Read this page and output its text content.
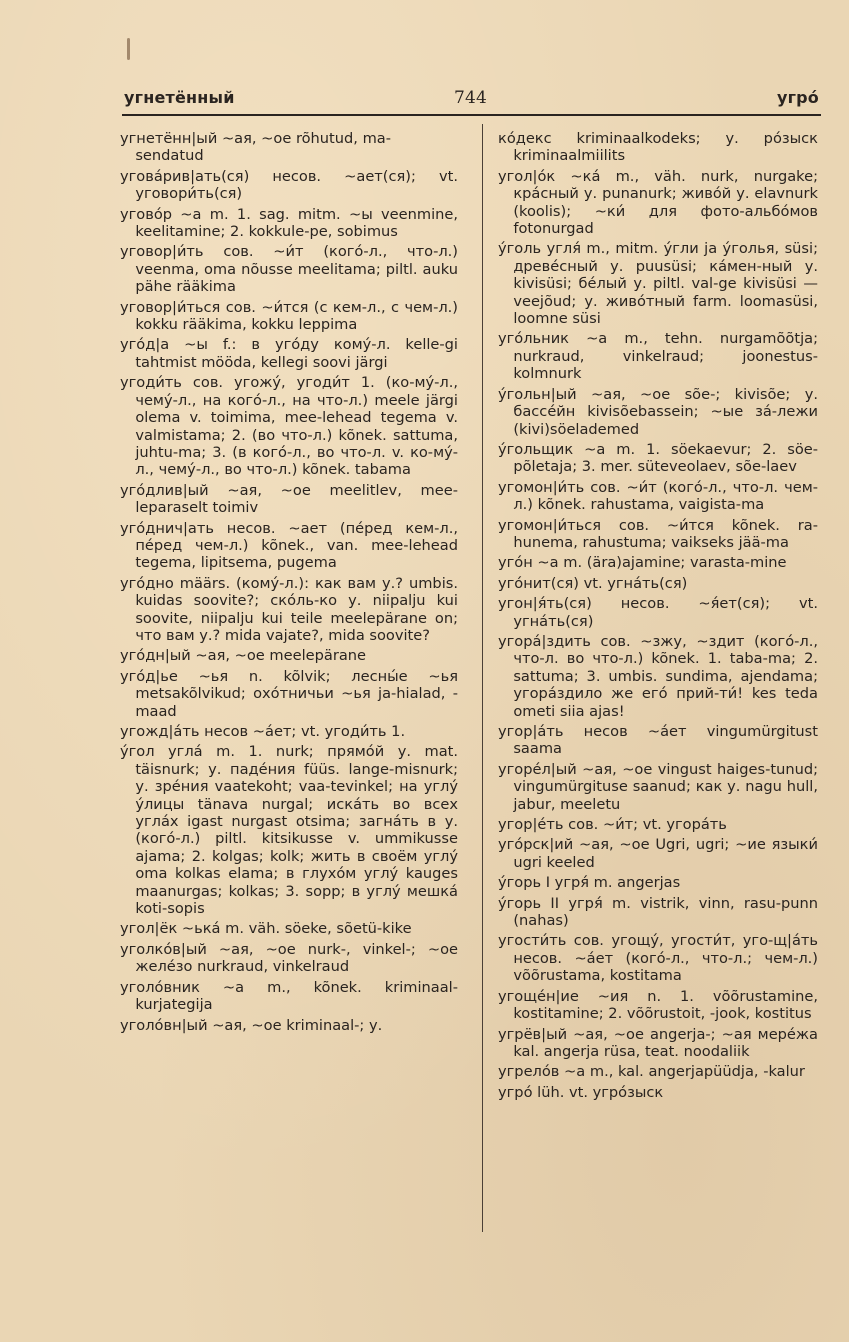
угнетённый	744	угро́

угнетённ|ый ~ая, ~ое rõhutud, ma-
sendatud

угова́рив|ать(ся) несов. ~ает(ся); vt. уговори́ть(ся)

угово́р ~а m. 1. sag. mitm. ~ы veenmine, keelitamine; 2. kokkule-pe, sobimus

уговор|и́ть сов. ~и́т (кого́-л., что-л.) veenma, oma nõusse meelitama; piltl. auku pähe rääkima

уговор|и́ться сов. ~и́тся (с кем-л., с чем-л.) kokku rääkima, kokku leppima

угóд|а ~ы f.: в уго́ду кому́-л. kelle-gi tahtmist mööda, kellegi soovi järgi

угоди́ть сов. угожу́, угоди́т 1. (ко-му́-л., чему́-л., на кого́-л., на что-л.) meele järgi olema v. toimima, mee-lehead tegema v. valmistama; 2. (во что-л.) kõnek. sattuma, juhtu-ma; 3. (в кого́-л., во что-л. v. ко-му́-л., чему́-л., во что-л.) kõnek. tabama

уго́длив|ый ~ая, ~ое meelitlev, mee-leparaselt toimiv

уго́днич|ать несов. ~ает (пе́ред кем-л., пе́ред чем-л.) kõnek., van. mee-lehead tegema, lipitsema, pugema

уго́дно määrs. (кому́-л.): как вам у.? umbis. kuidas soovite?; ско́ль-ко у. niipalju kui soovite, niipalju kui teile meelepärane on; что вам у.? mida vajate?, mida soovite?

уго́дн|ый ~ая, ~ое meelepärane

уго́д|ье ~ья n. kõlvik; лесны́е ~ья metsakõlvikud; охо́тничьи ~ья ja-hialad, -maad

угожд|а́ть несов ~а́ет; vt. угоди́ть 1.

у́гол угла́ m. 1. nurk; прямо́й у. mat. täisnurk; у. паде́ния füüs. lange-misnurk; у. зре́ния vaatekoht; vaa-tevinkel; на углу́ у́лицы tänava nurgal; иска́ть во всех угла́х igast nurgast otsima; загна́ть в у. (кого́-л.) piltl. kitsikusse v. ummikusse ajama; 2. kolgas; kolk; жить в своём углу́ oma kolkas elama; в глухо́м углу́ kauges maanurgas; kolkas; 3. sopp; в углу́ мешка́ koti-sopis

угол|ёк ~ька́ m. väh. söeke, sõetü-kike

уголко́в|ый ~ая, ~ое nurk-, vinkel-; ~ое желе́зо nurkraud, vinkelraud

уголо́вник ~а m., kõnek. kriminaal-kurjategija

уголо́вн|ый ~ая, ~ое kriminaal-; у.

ко́декс kriminaalkodeks; у. ро́зыск kriminaalmiilits

угол|о́к ~ка́ m., väh. nurk, nurgake; кра́сный у. punanurk; живо́й у. elavnurk (koolis); ~ки́ для фото-альбо́мов fotonurgad

у́голь угля́ m., mitm. у́гли ja у́голья, süsi; древе́сный у. puusüsi; ка́мен-ный у. kivisüsi; бе́лый у. piltl. val-ge kivisüsi — veejõud; у. живо́тный farm. loomasüsi, loomne süsi

уго́льник ~а m., tehn. nurgamõõtja; nurkraud, vinkelraud; joonestus-kolmnurk

у́гольн|ый ~ая, ~ое sõe-; kivisõe; у. бассе́йн kivisõebassein; ~ые за́-лежи (kivi)söelademed

у́гольщик ~а m. 1. söekaevur; 2. söe-põletaja; 3. mer. süteveolaev, sõe-laev

угомон|и́ть сов. ~и́т (кого́-л., что-л. чем-л.) kõnek. rahustama, vaigista-ma

угомон|и́ться сов. ~и́тся kõnek. ra-hunema, rahustuma; vaikseks jää-ma

уго́н ~а m. (ära)ajamine; varasta-mine

уго́нит(ся) vt. угна́ть(ся)

угон|я́ть(ся) несов. ~я́ет(ся); vt. угна́ть(ся)

угора́|здить сов. ~зжу, ~здит (кого́-л., что-л. во что-л.) kõnek. 1. taba-ma; 2. sattuma; 3. umbis. sundima, ajendama; угора́здило же его́ прий-ти́! kes teda ometi siia ajas!

угор|а́ть несов ~а́ет vingumürgitust saama

угоре́л|ый ~ая, ~ое vingust haiges-tunud; vingumürgituse saanud; как у. nagu hull, jabur, meeletu

угор|е́ть сов. ~и́т; vt. угора́ть

уго́рск|ий ~ая, ~ое Ugri, ugri; ~ие языки́ ugri keeled

у́горь I угря́ m. angerjas

у́горь II угря́ m. vistrik, vinn, rasu-punn (nahas)

угости́ть сов. угощу́, угости́т, уго-щ|а́ть несов. ~а́ет (кого́-л., что-л.; чем-л.) võõrustama, kostitama

угоще́н|ие ~ия n. 1. võõrustamine, kostitamine; 2. võõrustoit, -jook, kostitus

угрёв|ый ~ая, ~ое angerja-; ~ая мере́жа kal. angerja rüsa, teat. noodaliik

угрело́в ~а m., kal. angerjapüüdja, -kalur

угро́ lüh. vt. угро́зыск
